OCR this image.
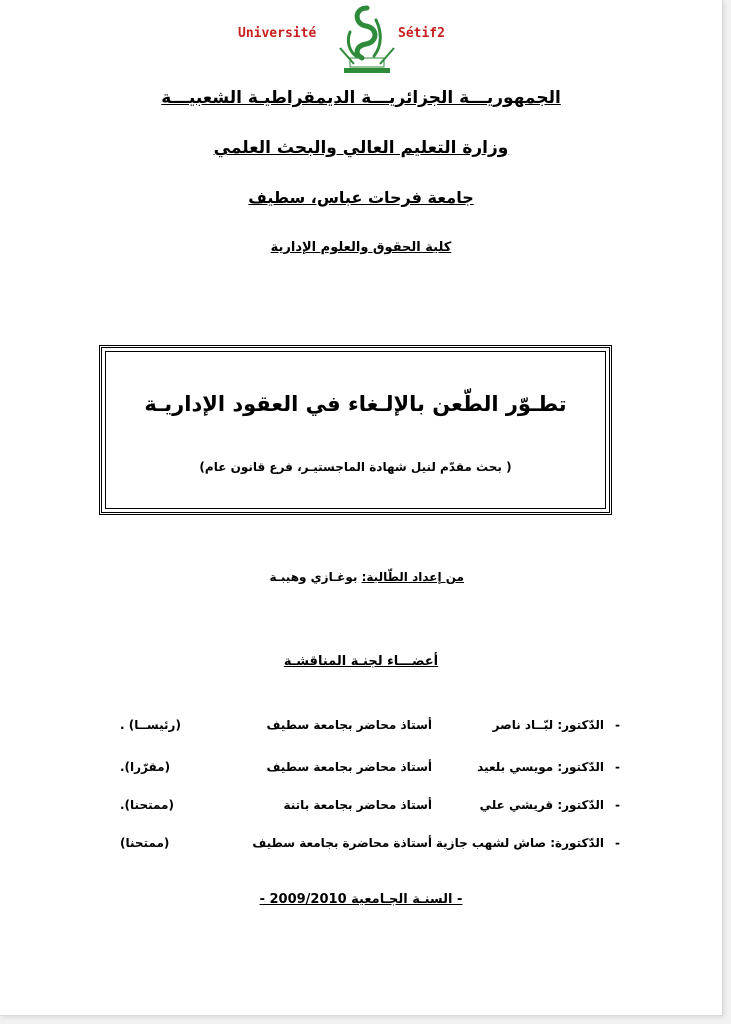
Université	Sétif2
الجمهوريـــة الجزائريـــة الديمقراطيـة الشعبيـــة
وزارة التعليم العالي والبحث العلمي
جامعة فرحات عباس، سطيف
كلية الحقوق والعلوم الإدارية
تطـوّر الطّعن بالإلـغاء في العقود الإداريـة
( بحث مقدّم لنيل شهادة الماجستيـر، فرع قانون عام)
من إعداد الطّالبة: بوغـازي وهيبـة
أعضـــاء لجنـة المناقشـة
-
الدّكتور: لبّــاد ناصر
أستاذ محاضر بجامعة سطيف
(رئيســا) .
-
الدّكتور: مويسي بلعيد
أستاذ محاضر بجامعة سطيف
(مقرّرا).
-
الدّكتور: قريشي علي
أستاذ محاضر بجامعة باتنة
(ممتحنا).
-
الدّكتورة: صاش لشهب جازية
أستاذة محاضرة بجامعة سطيف
(ممتحنا)
- السنـة الجـامعية 2009/2010 -
